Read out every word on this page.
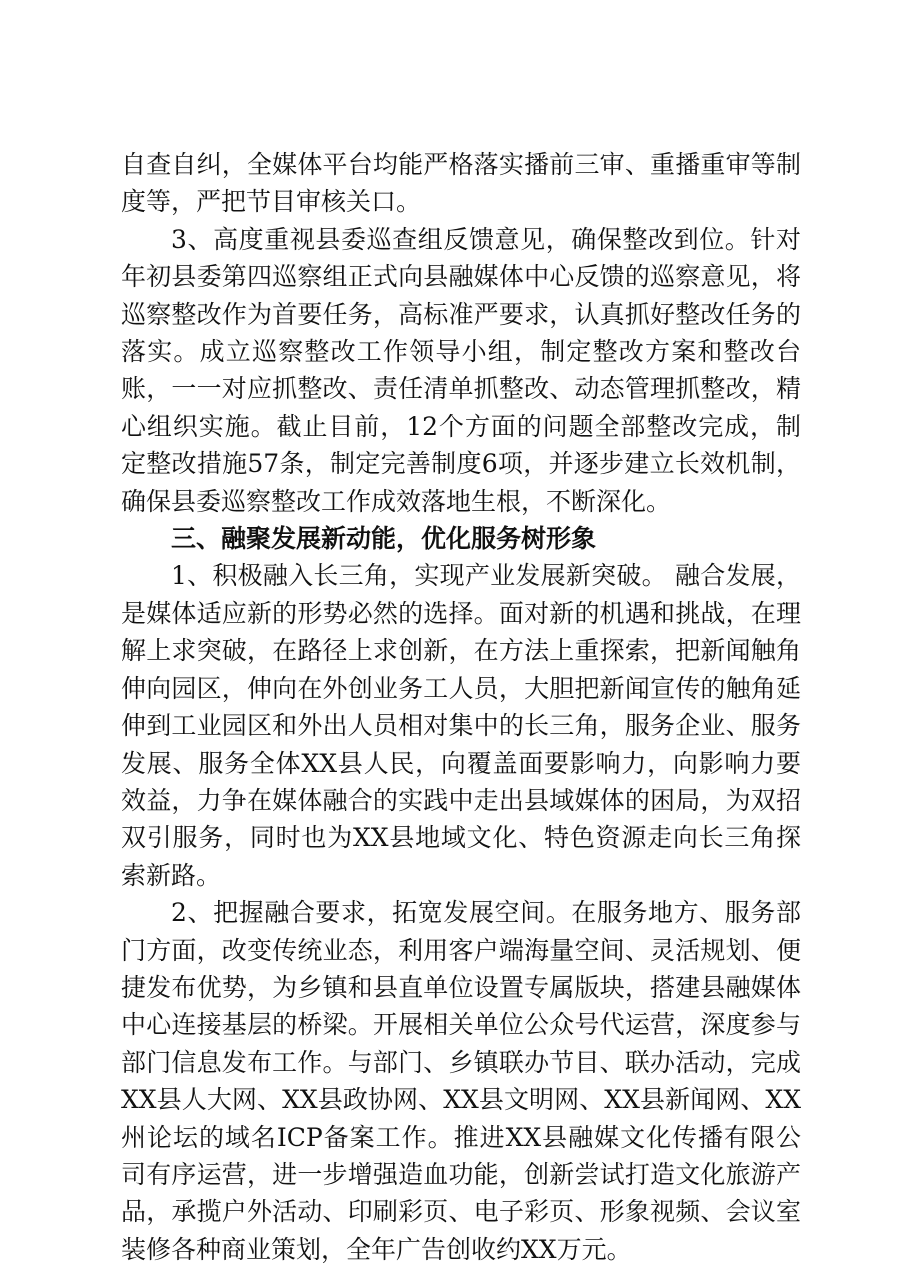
自查自纠，全媒体平台均能严格落实播前三审、重播重审等制度等，严把节目审核关口。

3、高度重视县委巡查组反馈意见，确保整改到位。针对年初县委第四巡察组正式向县融媒体中心反馈的巡察意见，将巡察整改作为首要任务，高标准严要求，认真抓好整改任务的落实。成立巡察整改工作领导小组，制定整改方案和整改台账，一一对应抓整改、责任清单抓整改、动态管理抓整改，精心组织实施。截止目前，12个方面的问题全部整改完成，制定整改措施57条，制定完善制度6项，并逐步建立长效机制，确保县委巡察整改工作成效落地生根，不断深化。

三、融聚发展新动能，优化服务树形象

1、积极融入长三角，实现产业发展新突破。 融合发展，是媒体适应新的形势必然的选择。面对新的机遇和挑战，在理解上求突破，在路径上求创新，在方法上重探索，把新闻触角伸向园区，伸向在外创业务工人员，大胆把新闻宣传的触角延伸到工业园区和外出人员相对集中的长三角，服务企业、服务发展、服务全体XX县人民，向覆盖面要影响力，向影响力要效益，力争在媒体融合的实践中走出县域媒体的困局，为双招双引服务，同时也为XX县地域文化、特色资源走向长三角探索新路。

2、把握融合要求，拓宽发展空间。在服务地方、服务部门方面，改变传统业态，利用客户端海量空间、灵活规划、便捷发布优势，为乡镇和县直单位设置专属版块，搭建县融媒体中心连接基层的桥梁。开展相关单位公众号代运营，深度参与部门信息发布工作。与部门、乡镇联办节目、联办活动，完成XX县人大网、XX县政协网、XX县文明网、XX县新闻网、XX州论坛的域名ICP备案工作。推进XX县融媒文化传播有限公司有序运营，进一步增强造血功能，创新尝试打造文化旅游产品，承揽户外活动、印刷彩页、电子彩页、形象视频、会议室装修各种商业策划，全年广告创收约XX万元。
